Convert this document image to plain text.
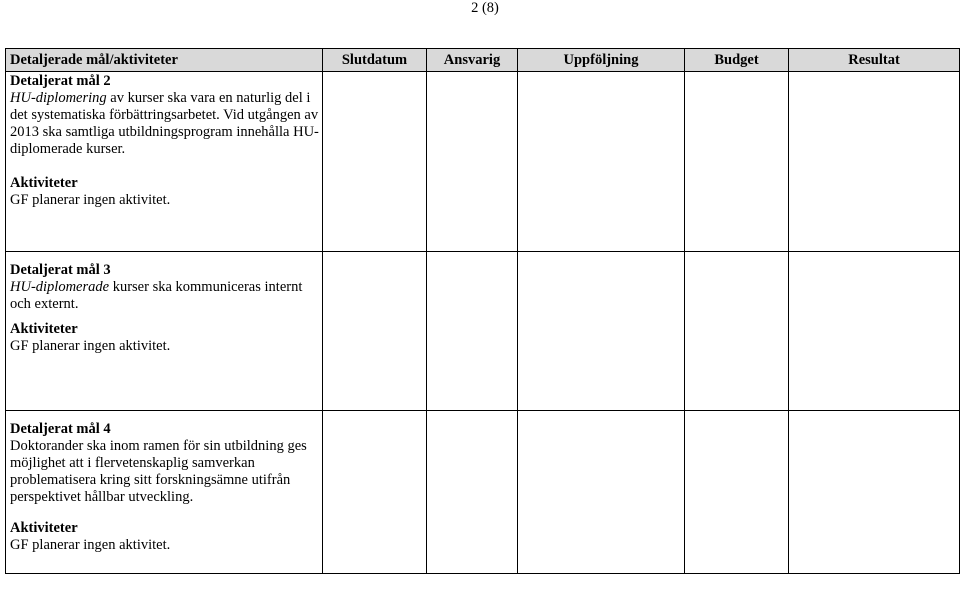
2 (8)
Detaljerade mål/aktiviteter	Slutdatum	Ansvarig	Uppföljning	Budget	Resultat

Detaljerat mål 2
HU-diplomering av kurser ska vara en naturlig del i det systematiska förbättringsarbetet. Vid utgången av 2013 ska samtliga utbildningsprogram innehålla HU-diplomerade kurser.
Aktiviteter
GF planerar ingen aktivitet.					

Detaljerat mål 3
HU-diplomerade kurser ska kommuniceras internt och externt.
Aktiviteter
GF planerar ingen aktivitet.					

Detaljerat mål 4
Doktorander ska inom ramen för sin utbildning ges möjlighet att i flervetenskaplig samverkan problematisera kring sitt forskningsämne utifrån perspektivet hållbar utveckling.
Aktiviteter
GF planerar ingen aktivitet.					
